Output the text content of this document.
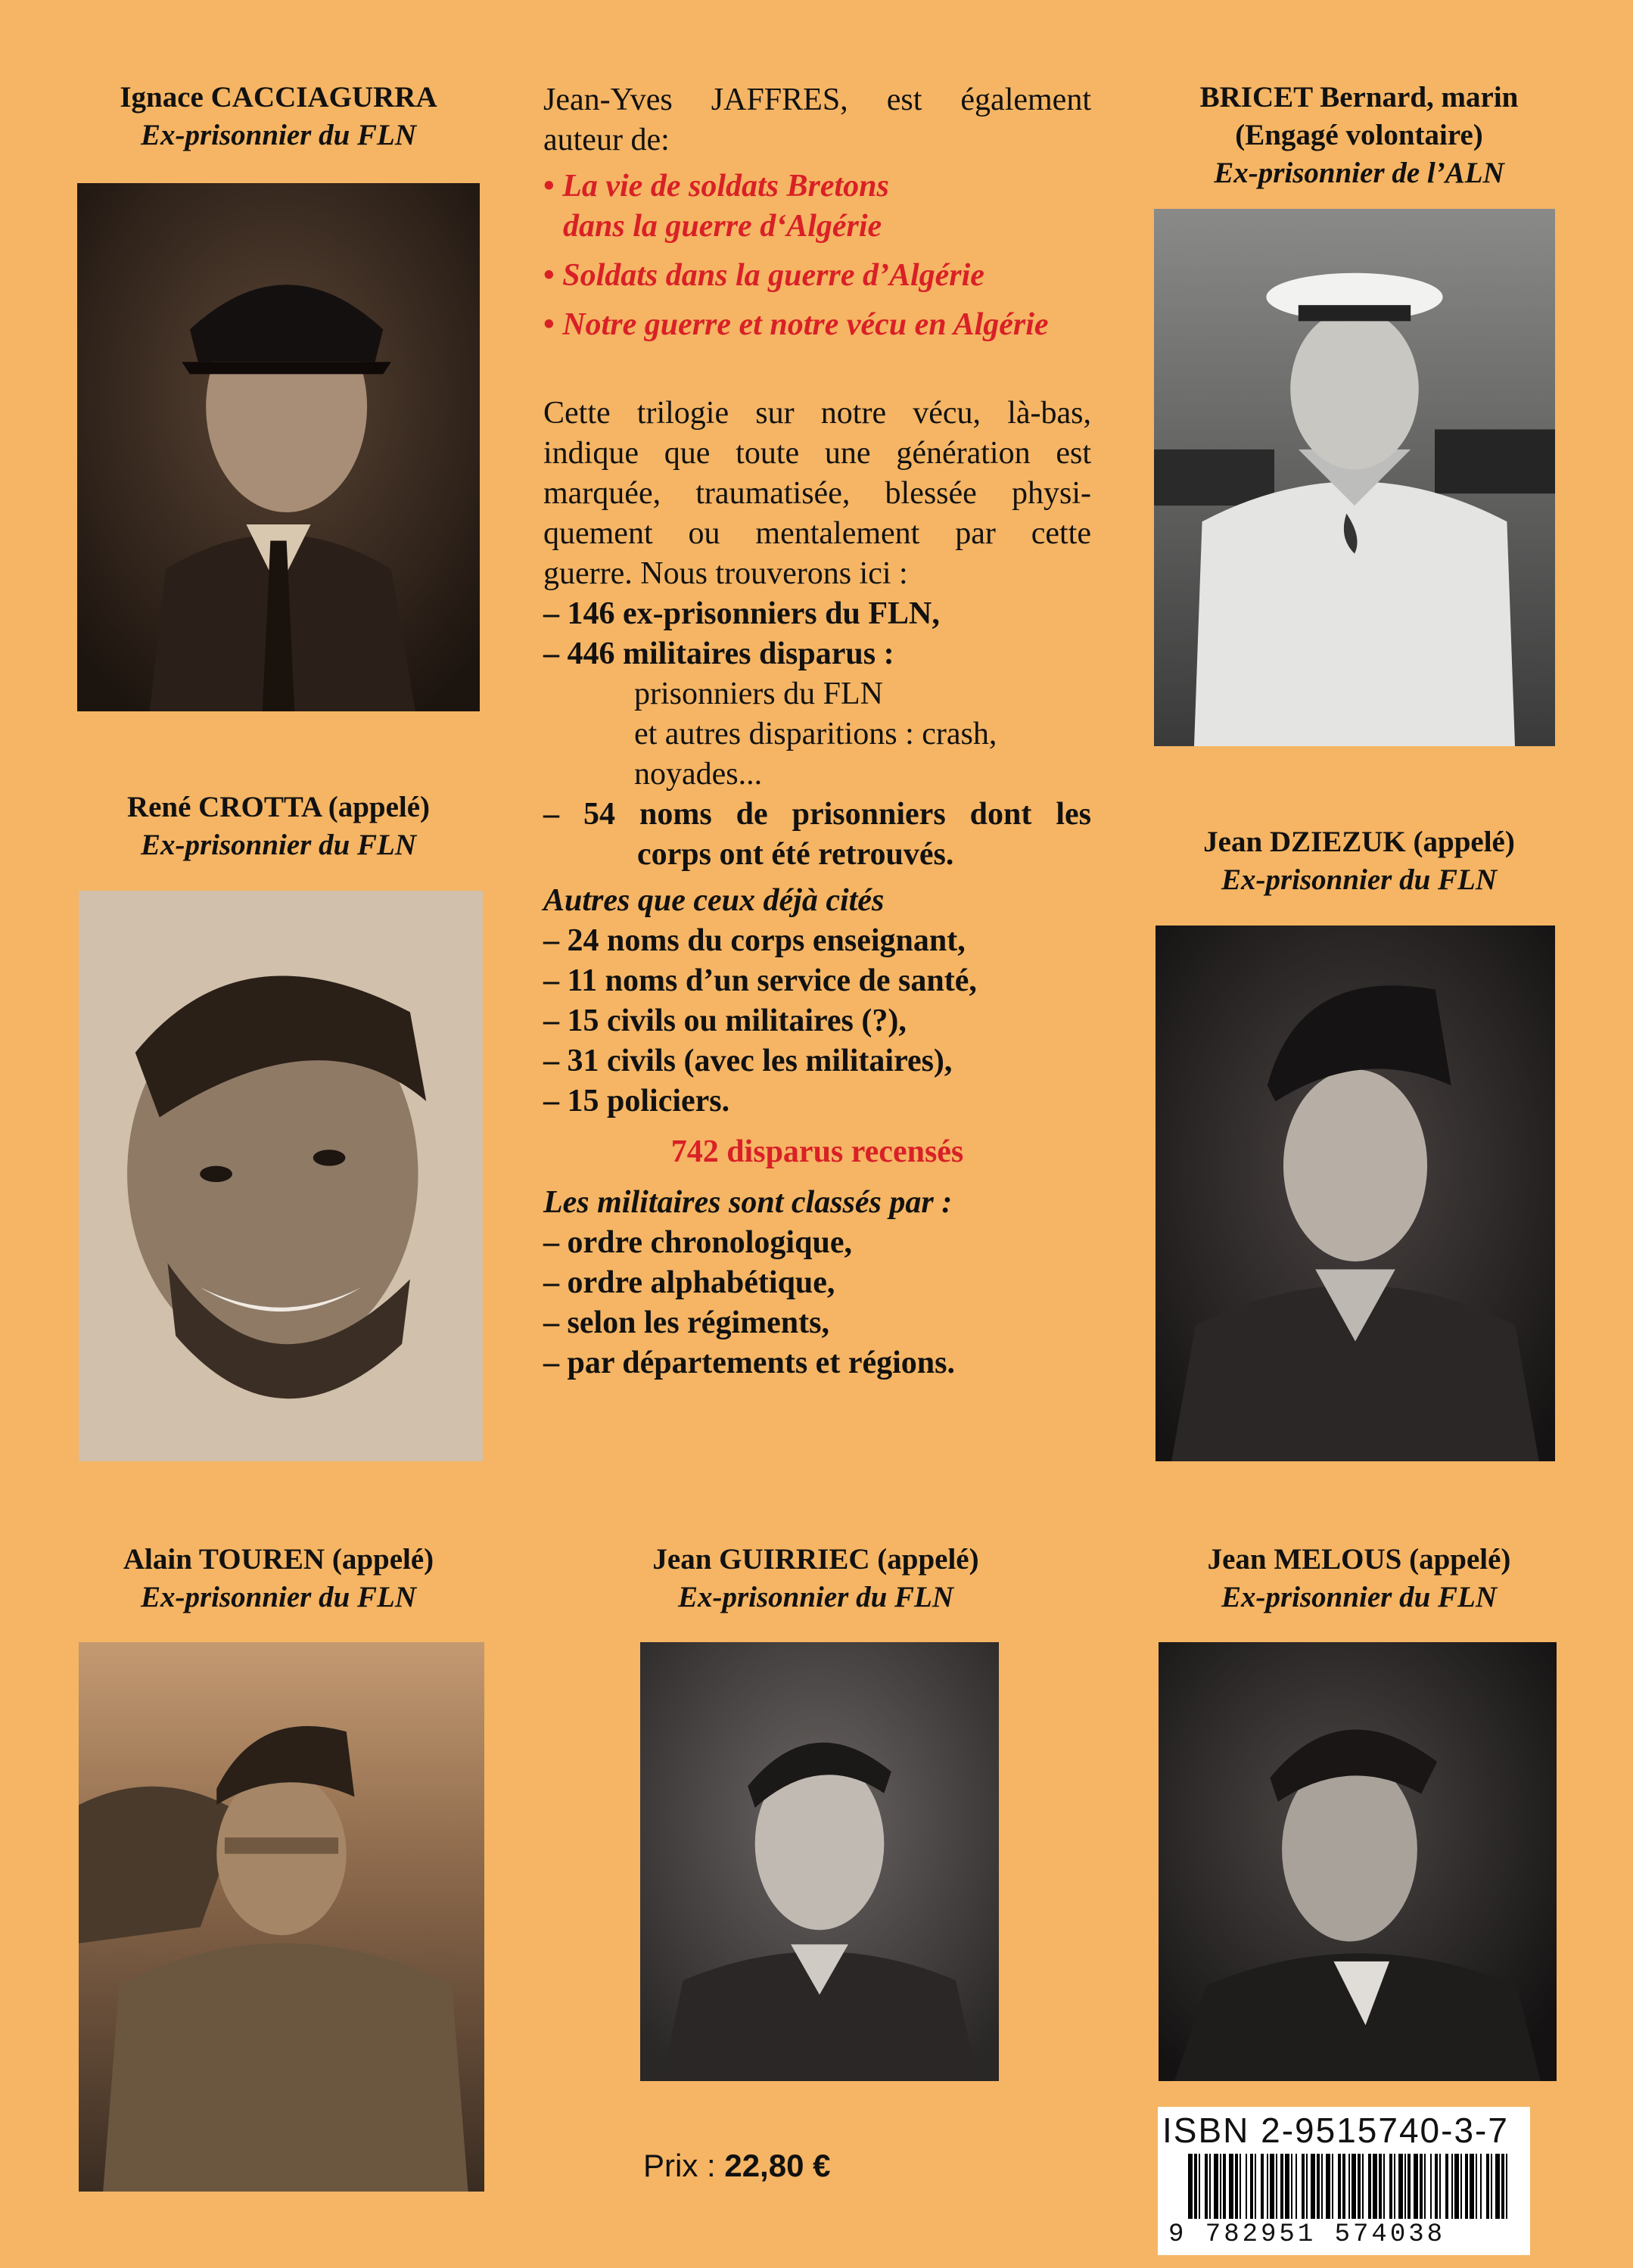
Ignace CACCIAGURRA
Ex-prisonnier du FLN
BRICET Bernard, marin
(Engagé volontaire)
Ex-prisonnier de l’ALN
René CROTTA (appelé)
Ex-prisonnier du FLN	Jean DZIEZUK (appelé)
Ex-prisonnier du FLN
Alain TOUREN (appelé)
Ex-prisonnier du FLN
Jean GUIRRIEC (appelé)
Ex-prisonnier du FLN
Jean MELOUS (appelé)
Ex-prisonnier du FLN

Jean-Yves JAFFRES, est également

auteur de:

• La vie de soldats Bretons
dans la guerre d‘Algérie
• Soldats dans la guerre d’Algérie
• Notre guerre et notre vécu en Algérie

Cette trilogie sur notre vécu, là-bas,

indique que toute une génération est

marquée, traumatisée, blessée physi-

quement ou mentalement par cette

guerre. Nous trouverons ici :

– 146 ex-prisonniers du FLN,
– 446 militaires disparus :
prisonniers du FLN
et autres disparitions : crash,
noyades...

– 54 noms de prisonniers dont les

corps ont été retrouvés.
Autres que ceux déjà cités
– 24 noms du corps enseignant,
– 11 noms d’un service de santé,
– 15 civils ou militaires (?),
– 31 civils (avec les militaires),
– 15 policiers.
742 disparus recensés
Les militaires sont classés par :
– ordre chronologique,
– ordre alphabétique,
– selon les régiments,
– par départements et régions.
Prix : 22,80 €
ISBN 2-9515740-3-7
9 782951 574038
